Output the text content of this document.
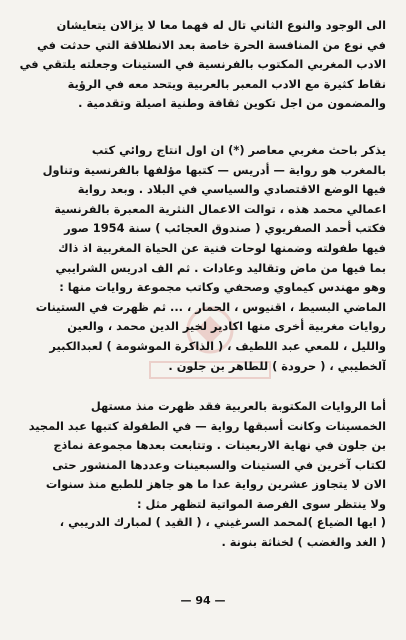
الى الوجود والنوع الثاني تال له فهما معا لا يزالان يتعايشان
في نوع من المنافسة الحرة خاصة بعد الانطلاقة التي حدثت في
الادب المغربي المكتوب بالفرنسية في الستينات وجعلته يلتقي في
نقاط كثيرة مع الادب المعبر بالعربية ويتحد معه في الرؤية
والمضمون من اجل تكوين ثقافة وطنية اصيلة وتقدمية .
يذكر باحث مغربي معاصر (*) ان اول انتاج روائي كتب
بالمغرب هو رواية — أدريس — كتبها مؤلفها بالفرنسية وتناول
فيها الوضع الاقتصادي والسياسي في البلاد . وبعد رواية
اعمالي محمد هذه ، توالت الاعمال النثرية المعبرة بالفرنسية
فكتب أحمد الصفريوي ( صندوق العجائب ) سنة 1954 صور
فيها طفولته وضمنها لوحات فنية عن الحياة المغربية اذ ذاك
بما فيها من ماض وتقاليد وعادات . ثم الف ادريس الشرايبي
وهو مهندس كيماوي وصحفي وكاتب مجموعة روايات منها :
الماضي البسيط ، اقنيوس ، الحمار ، ... ثم ظهرت في الستينات
روايات مغربية أخرى منها اكادير لخير الدين محمد ، والعين
والليل ، للمعي عبد اللطيف ، ( الذاكرة الموشومة ) لعبدالكبير
آلخطيبي ، ( حرودة ) للطاهر بن جلون .
أما الروايات المكتوبة بالعربية فقد ظهرت منذ مستهل
الخمسينات وكانت أسبقها رواية — في الطفولة كتبها عبد المجيد
بن جلون في نهاية الاربعينات . وتتابعت بعدها مجموعة نماذج
لكتاب آخرين في الستينات والسبعينات وعددها المنشور حتى
الان لا يتجاوز عشرين رواية عدا ما هو جاهز للطبع منذ سنوات
ولا ينتظر سوى الفرصة المواتية لتظهر مثل :
( ايها الضياع )لمحمد السرغيني ، ( القيد ) لمبارك الدريبي ،
( الغد والغضب ) لخناثة بنونة .
— 94 —
